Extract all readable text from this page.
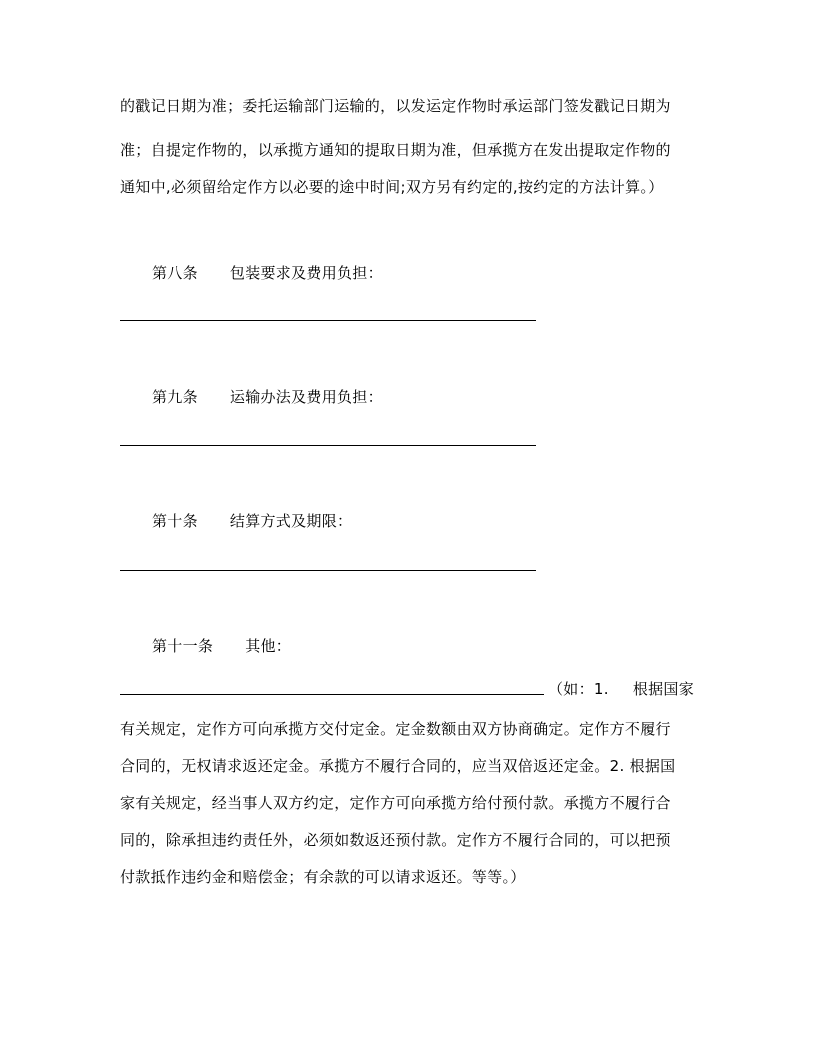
的戳记日期为准；委托运输部门运输的，以发运定作物时承运部门签发戳记日期为
准；自提定作物的，以承揽方通知的提取日期为准，但承揽方在发出提取定作物的
通知中,必须留给定作方以必要的途中时间;双方另有约定的,按约定的方法计算。）
第八条 包装要求及费用负担：
第九条 运输办法及费用负担：
第十条 结算方式及期限：
第十一条 其他：
（如：1. 根据国家
有关规定，定作方可向承揽方交付定金。定金数额由双方协商确定。定作方不履行
合同的，无权请求返还定金。承揽方不履行合同的，应当双倍返还定金。2. 根据国
家有关规定，经当事人双方约定，定作方可向承揽方给付预付款。承揽方不履行合
同的，除承担违约责任外，必须如数返还预付款。定作方不履行合同的，可以把预
付款抵作违约金和赔偿金；有余款的可以请求返还。等等。）
